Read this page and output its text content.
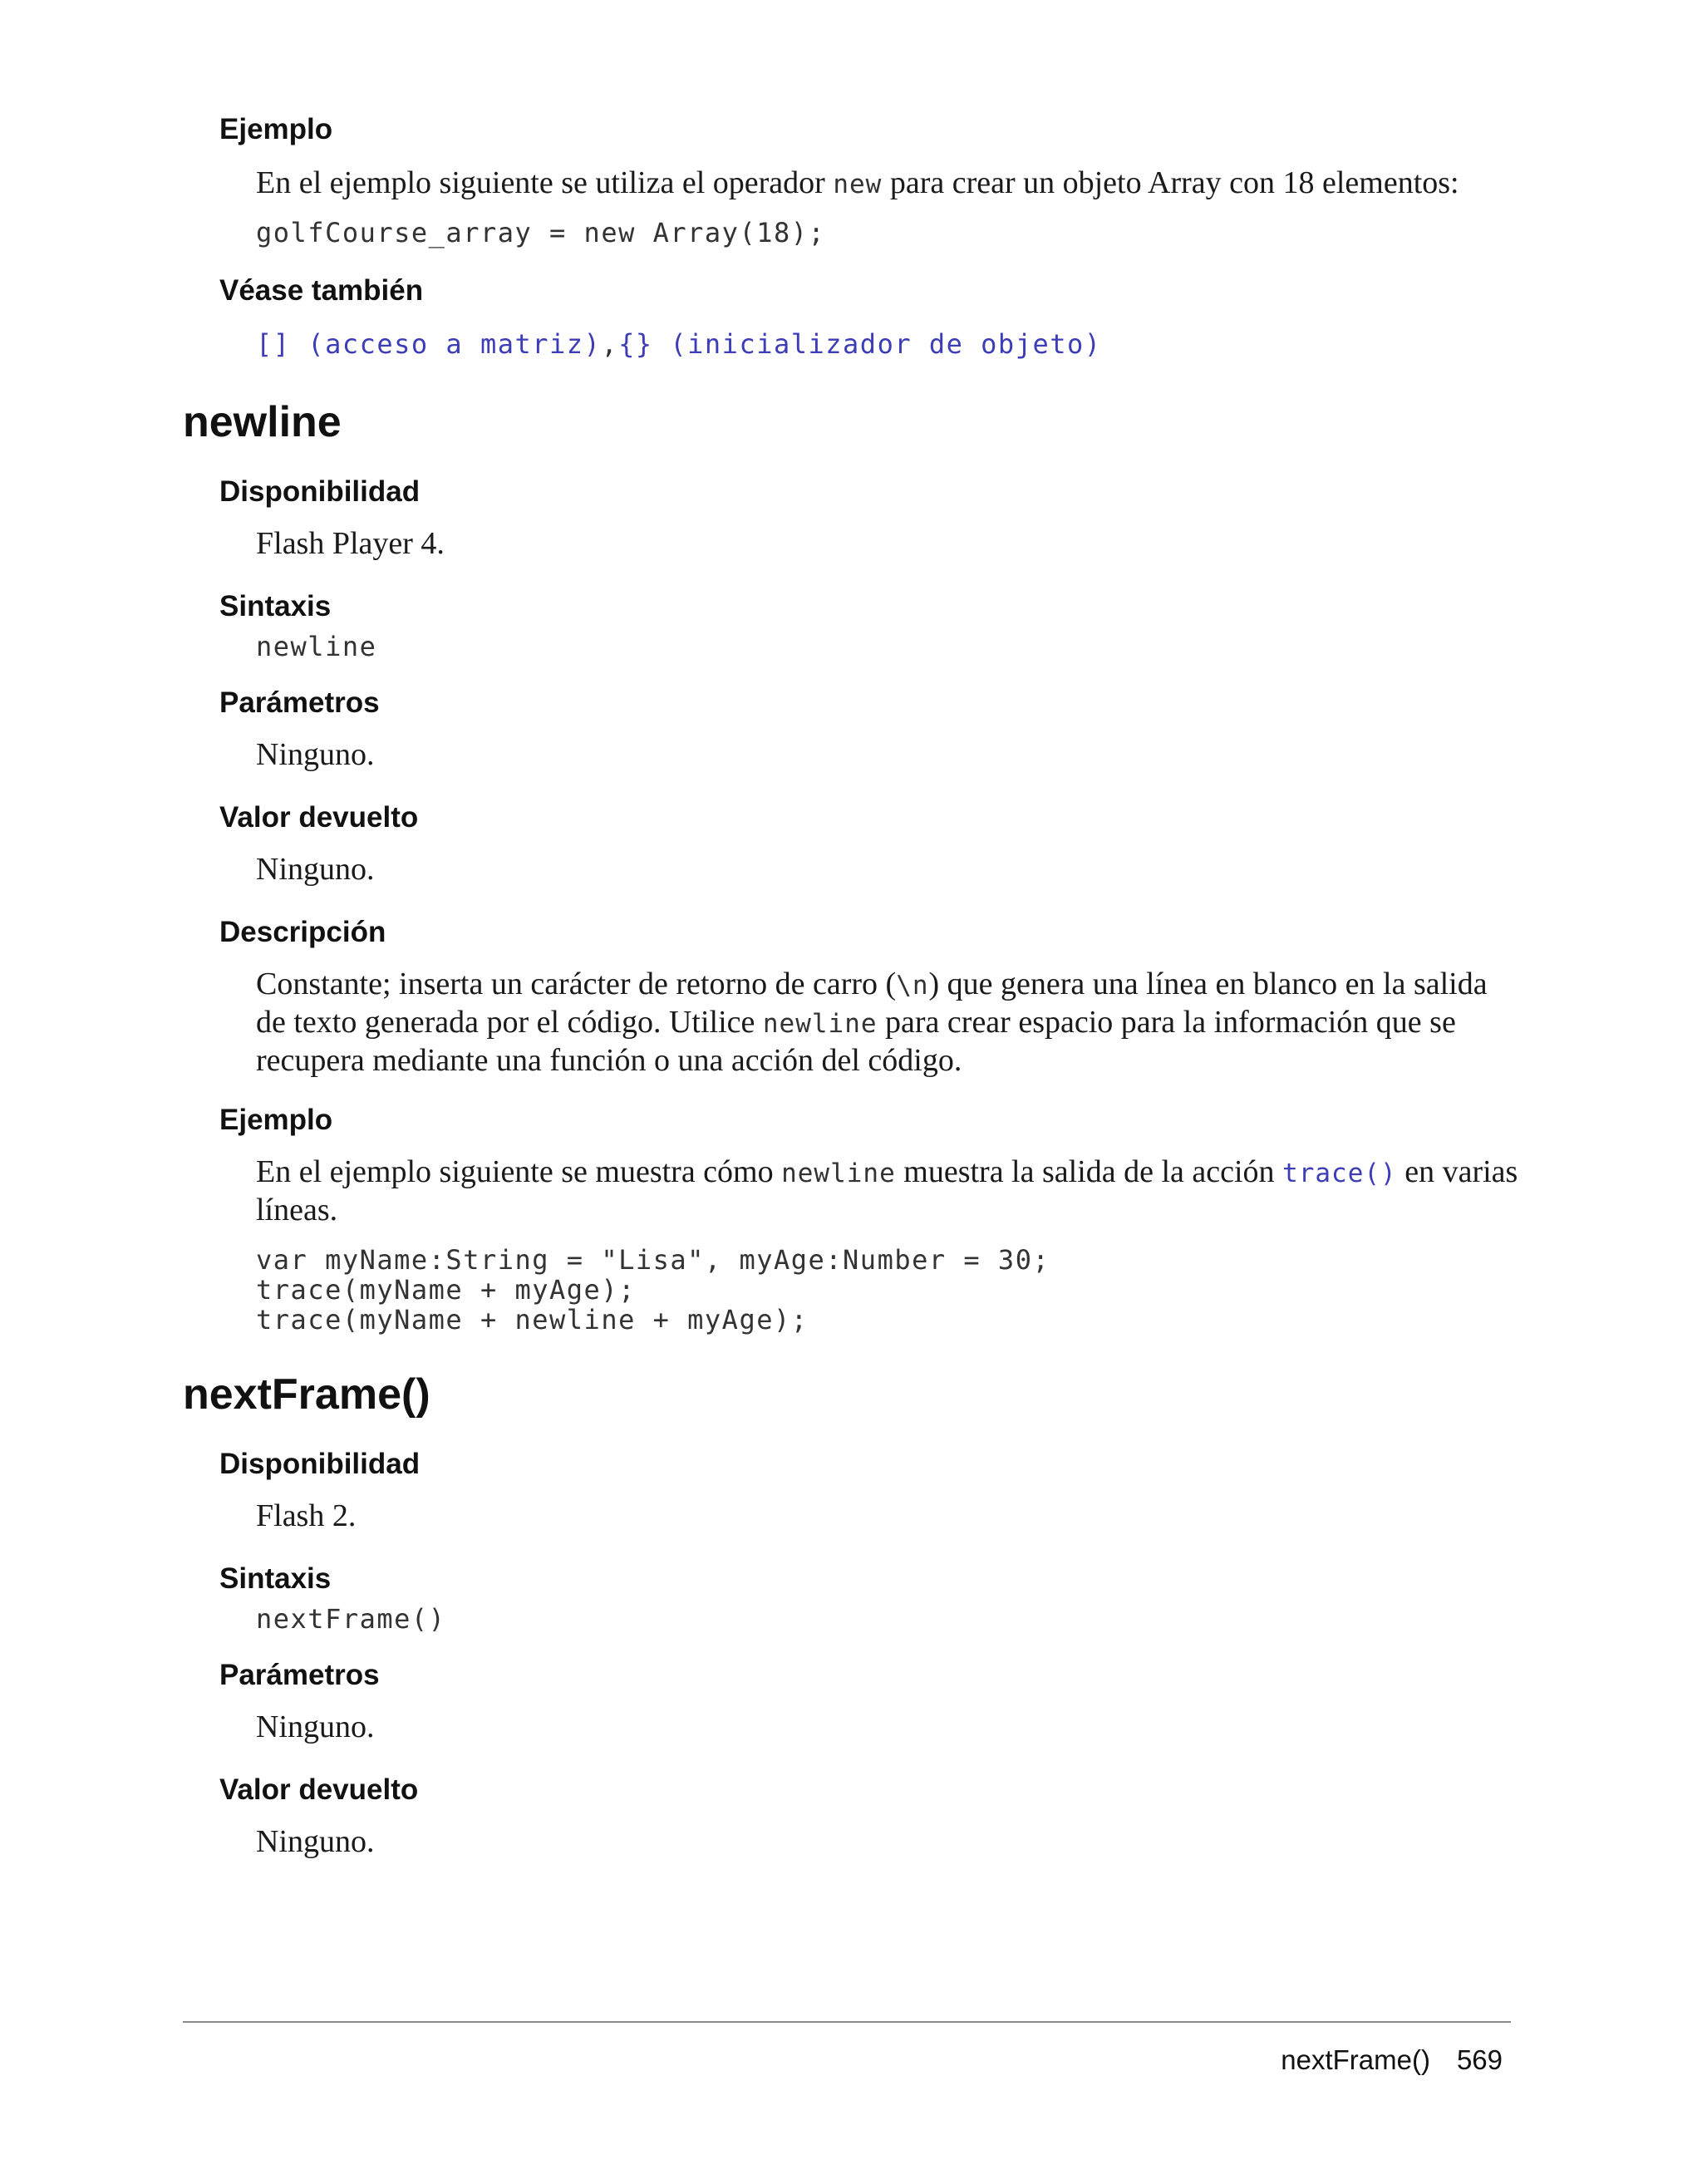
Ejemplo

En el ejemplo siguiente se utiliza el operador new para crear un objeto Array con 18 elementos:

golfCourse_array = new Array(18);
Véase también

[] (acceso a matriz),{} (inicializador de objeto)

newline
Disponibilidad

Flash Player 4.

Sintaxis
newline
Parámetros

Ninguno.

Valor devuelto

Ninguno.

Descripción

Constante; inserta un carácter de retorno de carro (\n) que genera una línea en blanco en la salida de texto generada por el código. Utilice newline para crear espacio para la información que se recupera mediante una función o una acción del código.

Ejemplo

En el ejemplo siguiente se muestra cómo newline muestra la salida de la acción trace() en varias líneas.

var myName:String = "Lisa", myAge:Number = 30;
trace(myName + myAge);
trace(myName + newline + myAge);
nextFrame()
Disponibilidad

Flash 2.

Sintaxis
nextFrame()
Parámetros

Ninguno.

Valor devuelto

Ninguno.

nextFrame() 569
